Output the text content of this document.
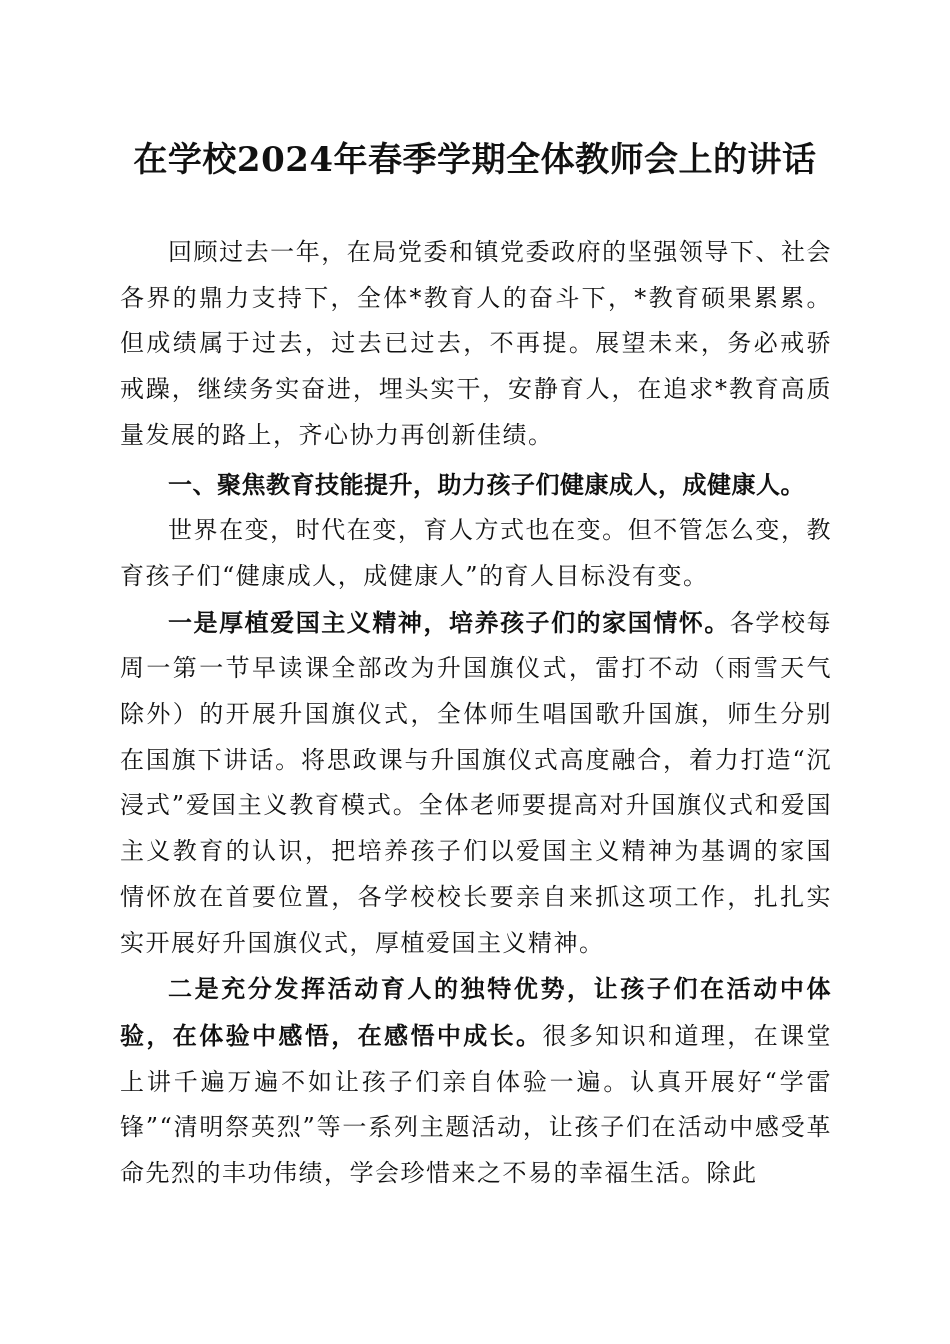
在学校2024年春季学期全体教师会上的讲话

回顾过去一年，在局党委和镇党委政府的坚强领导下、社会各界的鼎力支持下，全体*教育人的奋斗下，*教育硕果累累。但成绩属于过去，过去已过去，不再提。展望未来，务必戒骄戒躁，继续务实奋进，埋头实干，安静育人，在追求*教育高质量发展的路上，齐心协力再创新佳绩。

一、聚焦教育技能提升，助力孩子们健康成人，成健康人。

世界在变，时代在变，育人方式也在变。但不管怎么变，教育孩子们“健康成人，成健康人”的育人目标没有变。

一是厚植爱国主义精神，培养孩子们的家国情怀。各学校每周一第一节早读课全部改为升国旗仪式，雷打不动（雨雪天气除外）的开展升国旗仪式，全体师生唱国歌升国旗，师生分别在国旗下讲话。将思政课与升国旗仪式高度融合，着力打造“沉浸式”爱国主义教育模式。全体老师要提高对升国旗仪式和爱国主义教育的认识，把培养孩子们以爱国主义精神为基调的家国情怀放在首要位置，各学校校长要亲自来抓这项工作，扎扎实实开展好升国旗仪式，厚植爱国主义精神。

二是充分发挥活动育人的独特优势，让孩子们在活动中体验，在体验中感悟，在感悟中成长。很多知识和道理，在课堂上讲千遍万遍不如让孩子们亲自体验一遍。认真开展好“学雷锋”“清明祭英烈”等一系列主题活动，让孩子们在活动中感受革命先烈的丰功伟绩，学会珍惜来之不易的幸福生活。除此
